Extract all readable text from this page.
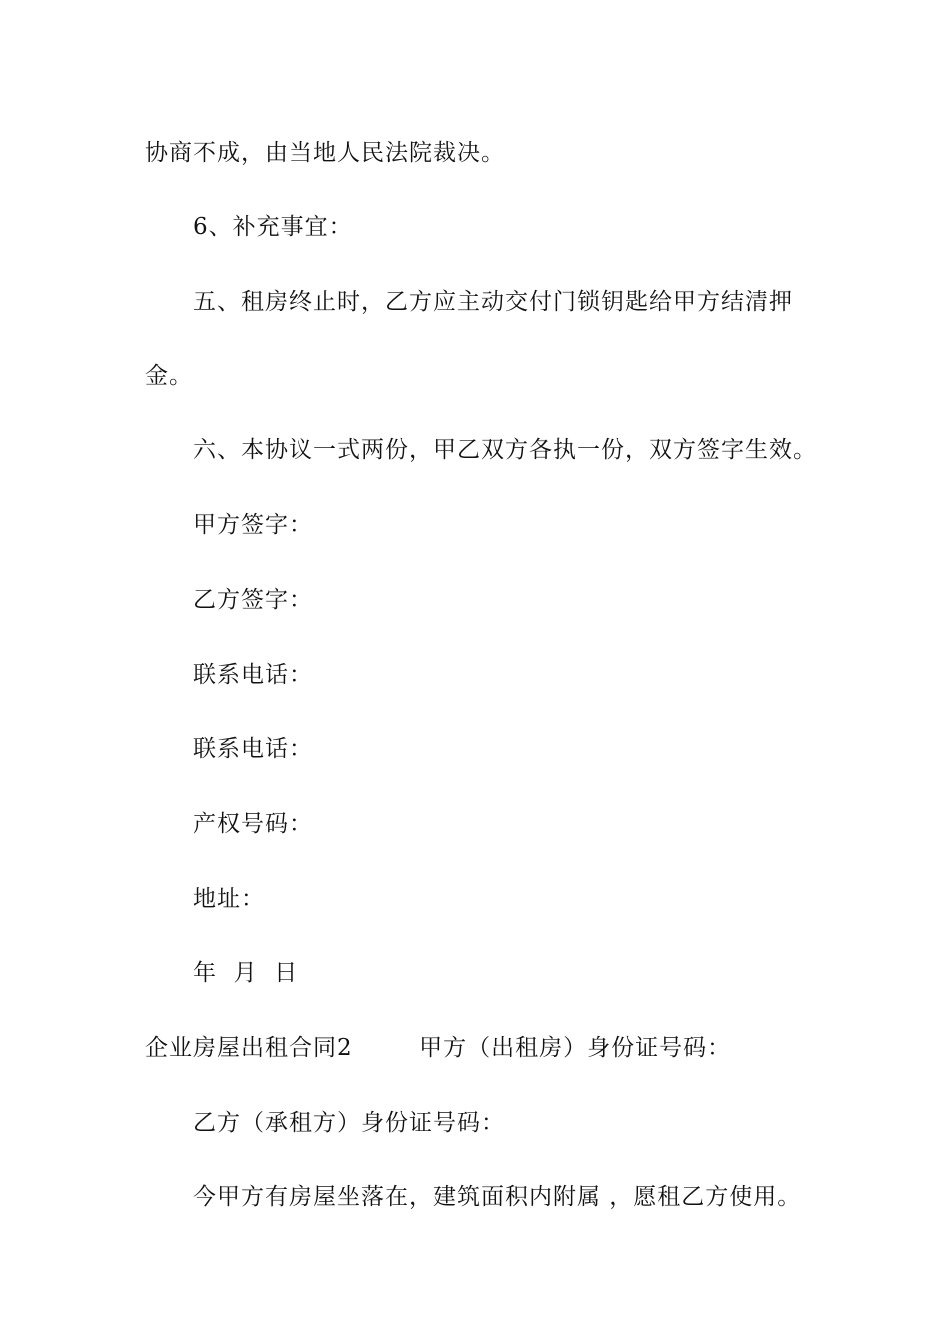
协商不成，由当地人民法院裁决。
6、补充事宜：
五、租房终止时，乙方应主动交付门锁钥匙给甲方结清押
金。
六、本协议一式两份，甲乙双方各执一份，双方签字生效。
甲方签字：
乙方签字：
联系电话：
联系电话：
产权号码：
地址：
年  月  日
企业房屋出租合同2        甲方（出租房）身份证号码：
乙方（承租方）身份证号码：
今甲方有房屋坐落在，建筑面积内附属 ，愿租乙方使用。
